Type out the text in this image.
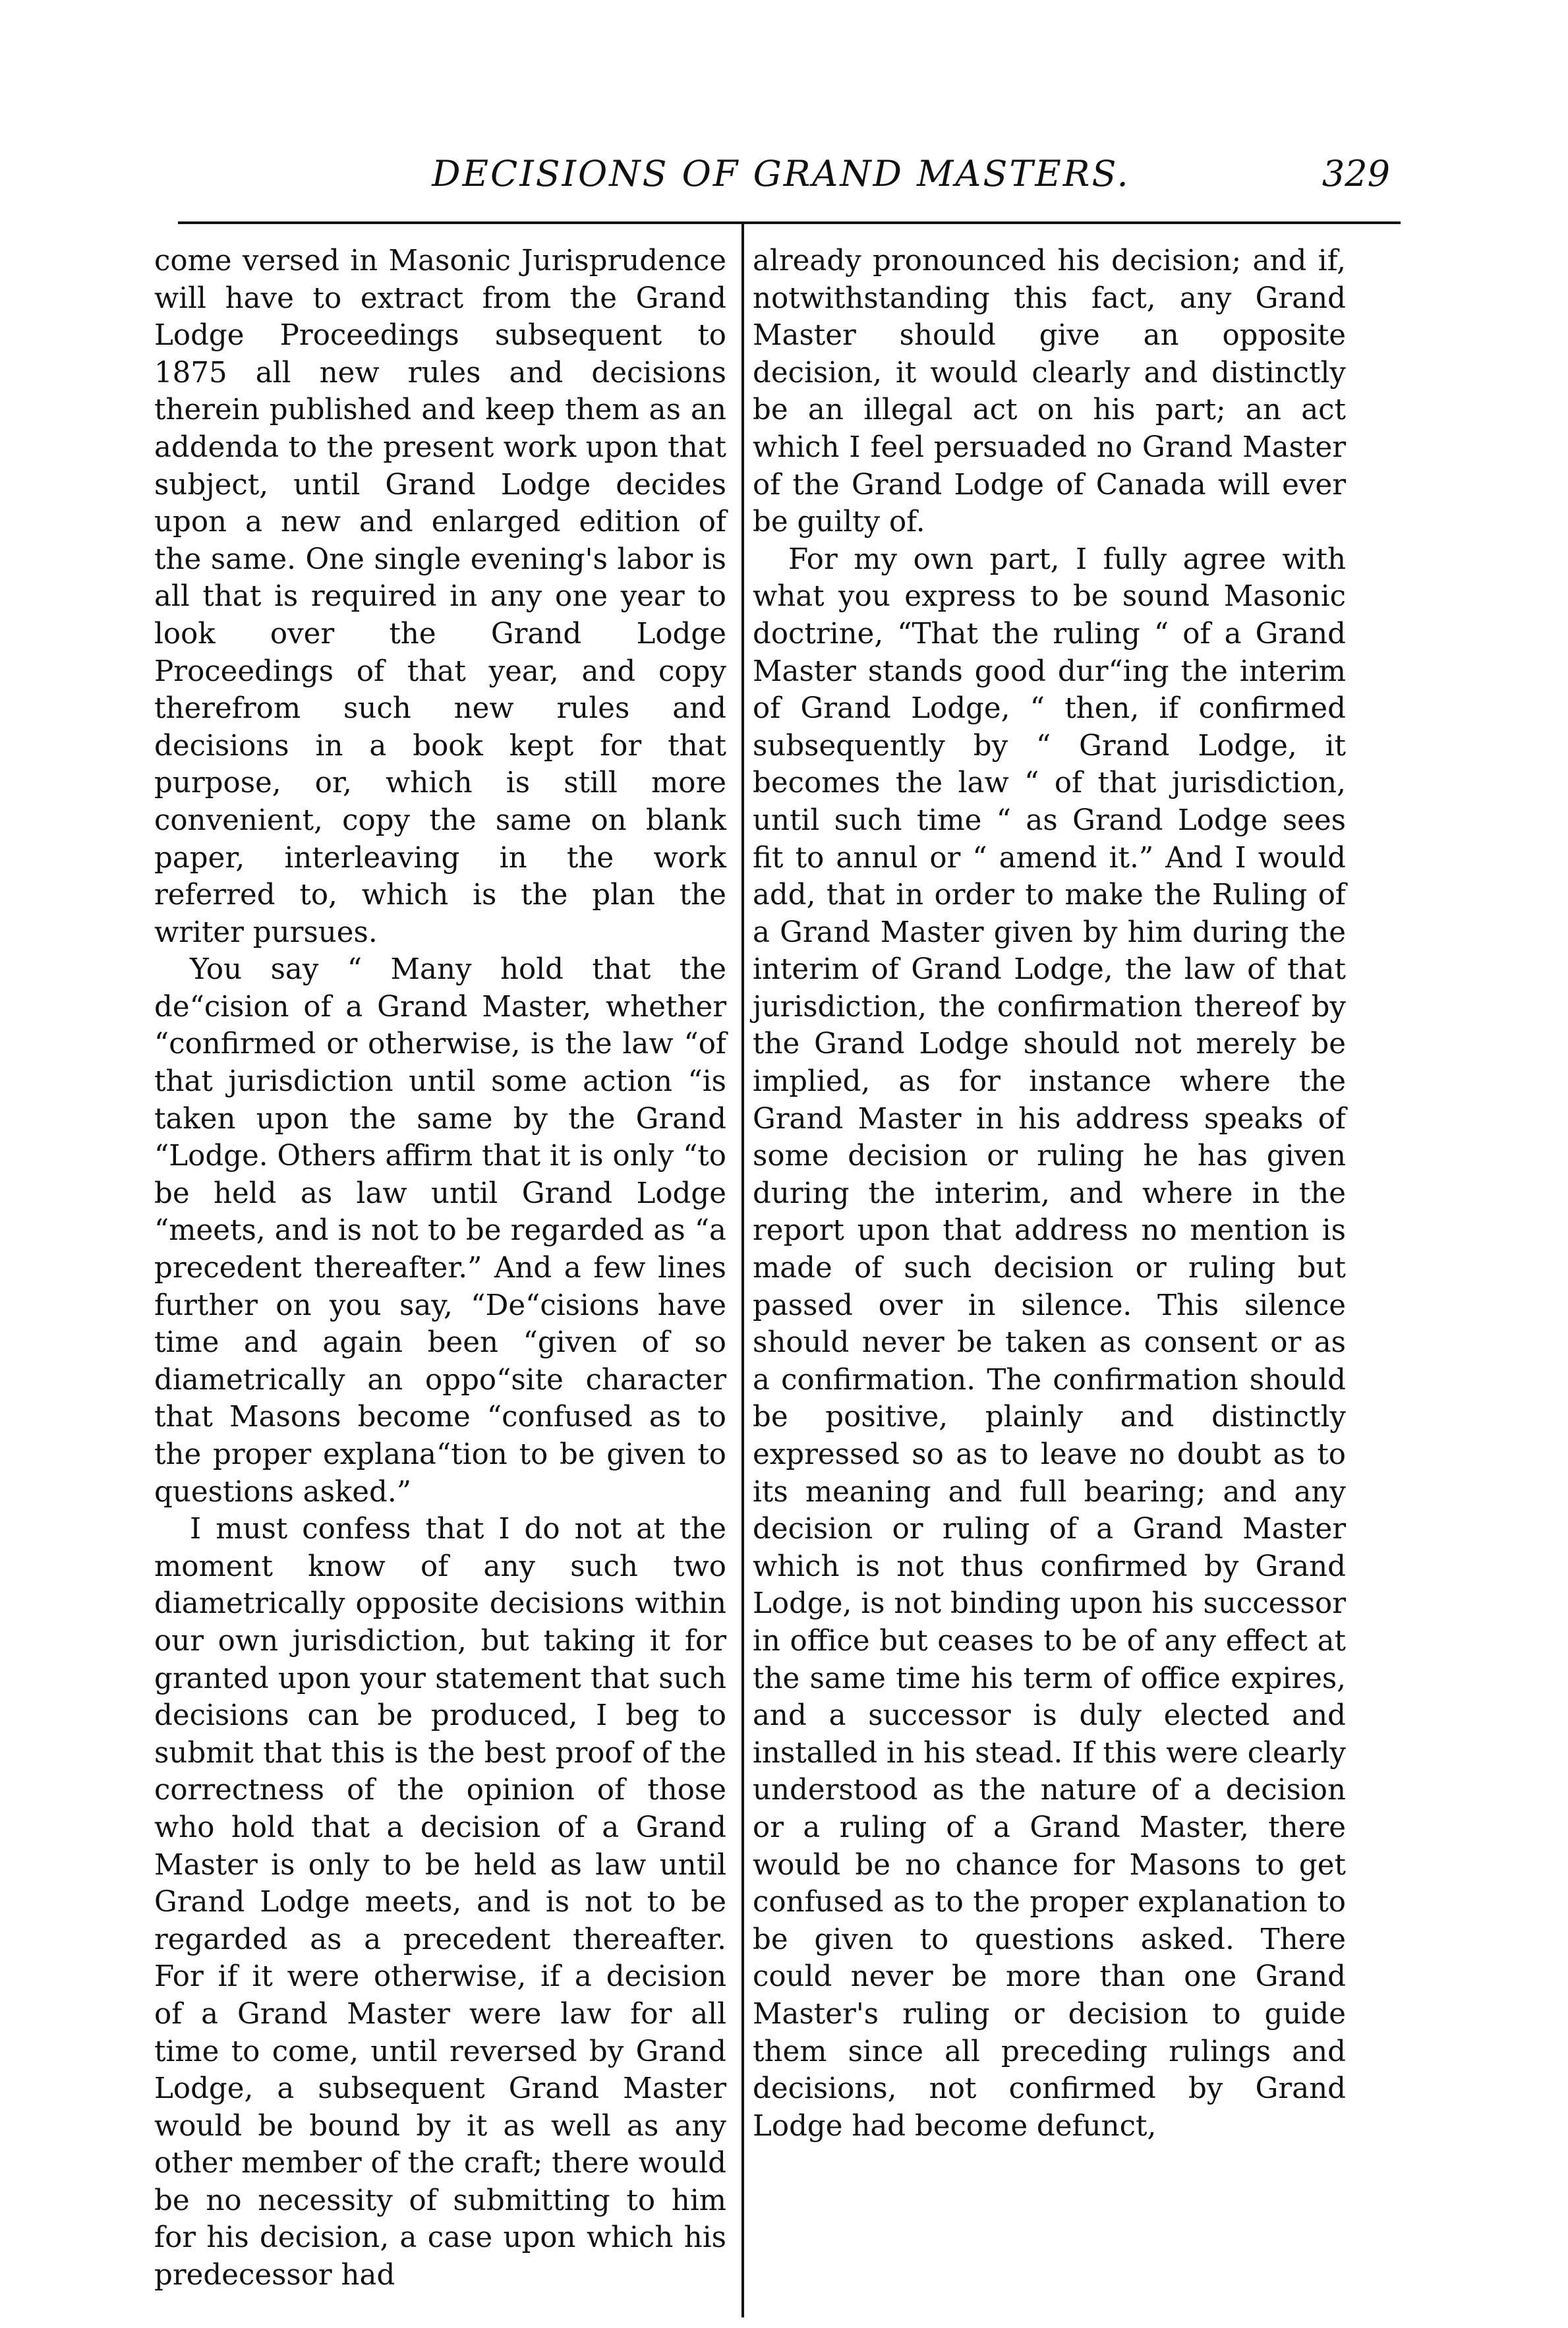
DECISIONS OF GRAND MASTERS.	329

come versed in Masonic Jurisprudence will have to extract from the Grand Lodge Proceedings subsequent to 1875 all new rules and decisions therein published and keep them as an addenda to the present work upon that subject, until Grand Lodge decides upon a new and enlarged edition of the same. One single evening's labor is all that is required in any one year to look over the Grand Lodge Proceedings of that year, and copy therefrom such new rules and decisions in a book kept for that purpose, or, which is still more convenient, copy the same on blank paper, interleaving in the work referred to, which is the plan the writer pursues.

You say “ Many hold that the de“cision of a Grand Master, whether “confirmed or otherwise, is the law “of that jurisdiction until some action “is taken upon the same by the Grand “Lodge. Others affirm that it is only “to be held as law until Grand Lodge “meets, and is not to be regarded as “a precedent thereafter.” And a few lines further on you say, “De“cisions have time and again been “given of so diametrically an oppo“site character that Masons become “confused as to the proper explana“tion to be given to questions asked.”

I must confess that I do not at the moment know of any such two diametrically opposite decisions within our own jurisdiction, but taking it for granted upon your statement that such decisions can be produced, I beg to submit that this is the best proof of the correctness of the opinion of those who hold that a decision of a Grand Master is only to be held as law until Grand Lodge meets, and is not to be regarded as a precedent thereafter. For if it were otherwise, if a decision of a Grand Master were law for all time to come, until reversed by Grand Lodge, a subsequent Grand Master would be bound by it as well as any other member of the craft; there would be no necessity of submitting to him for his decision, a case upon which his predecessor had

already pronounced his decision; and if, notwithstanding this fact, any Grand Master should give an opposite decision, it would clearly and distinctly be an illegal act on his part; an act which I feel persuaded no Grand Master of the Grand Lodge of Canada will ever be guilty of.

For my own part, I fully agree with what you express to be sound Masonic doctrine, “That the ruling “ of a Grand Master stands good dur“ing the interim of Grand Lodge, “ then, if confirmed subsequently by “ Grand Lodge, it becomes the law “ of that jurisdiction, until such time “ as Grand Lodge sees fit to annul or “ amend it.” And I would add, that in order to make the Ruling of a Grand Master given by him during the interim of Grand Lodge, the law of that jurisdiction, the confirmation thereof by the Grand Lodge should not merely be implied, as for instance where the Grand Master in his address speaks of some decision or ruling he has given during the interim, and where in the report upon that address no mention is made of such decision or ruling but passed over in silence. This silence should never be taken as consent or as a confirmation. The confirmation should be positive, plainly and distinctly expressed so as to leave no doubt as to its meaning and full bearing; and any decision or ruling of a Grand Master which is not thus confirmed by Grand Lodge, is not binding upon his successor in office but ceases to be of any effect at the same time his term of office expires, and a successor is duly elected and installed in his stead. If this were clearly understood as the nature of a decision or a ruling of a Grand Master, there would be no chance for Masons to get confused as to the proper explanation to be given to questions asked. There could never be more than one Grand Master's ruling or decision to guide them since all preceding rulings and decisions, not confirmed by Grand Lodge had become defunct,
